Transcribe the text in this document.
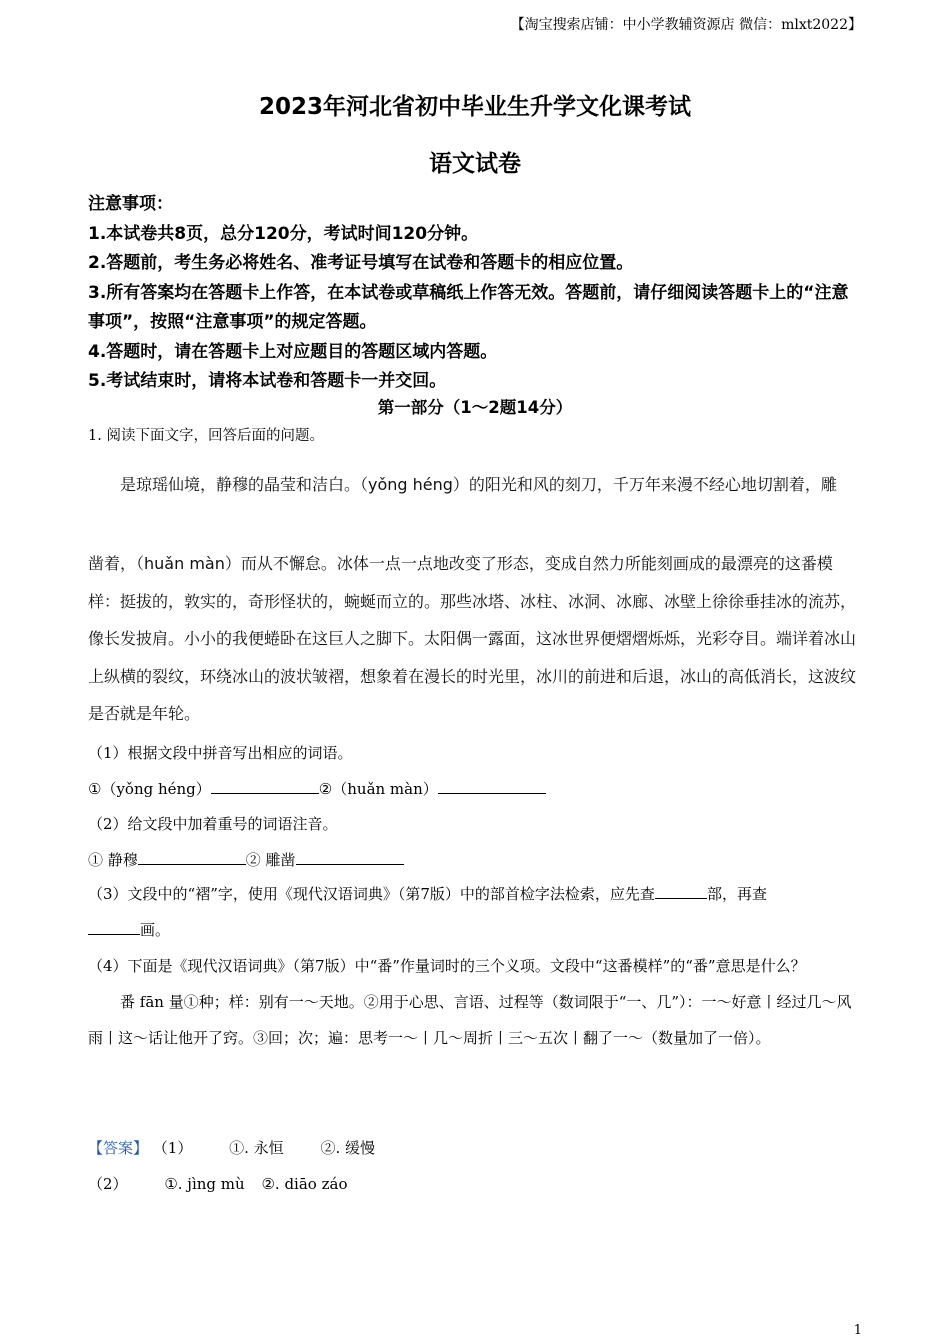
【淘宝搜索店铺：中小学教辅资源店 微信：mlxt2022】
2023年河北省初中毕业生升学文化课考试
语文试卷
注意事项：
1.本试卷共8页，总分120分，考试时间120分钟。
2.答题前，考生务必将姓名、准考证号填写在试卷和答题卡的相应位置。
3.所有答案均在答题卡上作答，在本试卷或草稿纸上作答无效。答题前，请仔细阅读答题卡上的“注意事项”，按照“注意事项”的规定答题。
4.答题时，请在答题卡上对应题目的答题区域内答题。
5.考试结束时，请将本试卷和答题卡一并交回。
第一部分（1～2题14分）
1. 阅读下面文字，回答后面的问题。
是琼瑶仙境，静穆的晶莹和洁白。（yǒng héng）的阳光和风的刻刀，千万年来漫不经心地切割着，雕
凿着，（huǎn màn）而从不懈怠。冰体一点一点地改变了形态，变成自然力所能刻画成的最漂亮的这番模样：挺拔的，敦实的，奇形怪状的，蜿蜒而立的。那些冰塔、冰柱、冰洞、冰廊、冰壁上徐徐垂挂冰的流苏，像长发披肩。小小的我便蜷卧在这巨人之脚下。太阳偶一露面，这冰世界便熠熠烁烁，光彩夺目。端详着冰山上纵横的裂纹，环绕冰山的波状皱褶，想象着在漫长的时光里，冰川的前进和后退，冰山的高低消长，这波纹是否就是年轮。
（1）根据文段中拼音写出相应的词语。
①（yǒng héng）	②（huǎn màn）
（2）给文段中加着重号的词语注音。
① 静穆	② 雕凿
（3）文段中的“褶”字，使用《现代汉语词典》（第7版）中的部首检字法检索，应先查	部，再查
画。
（4）下面是《现代汉语词典》（第7版）中“番”作量词时的三个义项。文段中“这番模样”的“番”意思是什么？
番 fān 量①种；样：别有一～天地。②用于心思、言语、过程等（数词限于“一、几”）：一～好意丨经过几～风雨丨这～话让他开了窍。③回；次；遍：思考一～丨几～周折丨三～五次丨翻了一～（数量加了一倍）。
【答案】 （1） ①. 永恒 ②. 缓慢
（2） ①. jìng mù ②. diāo záo
1
